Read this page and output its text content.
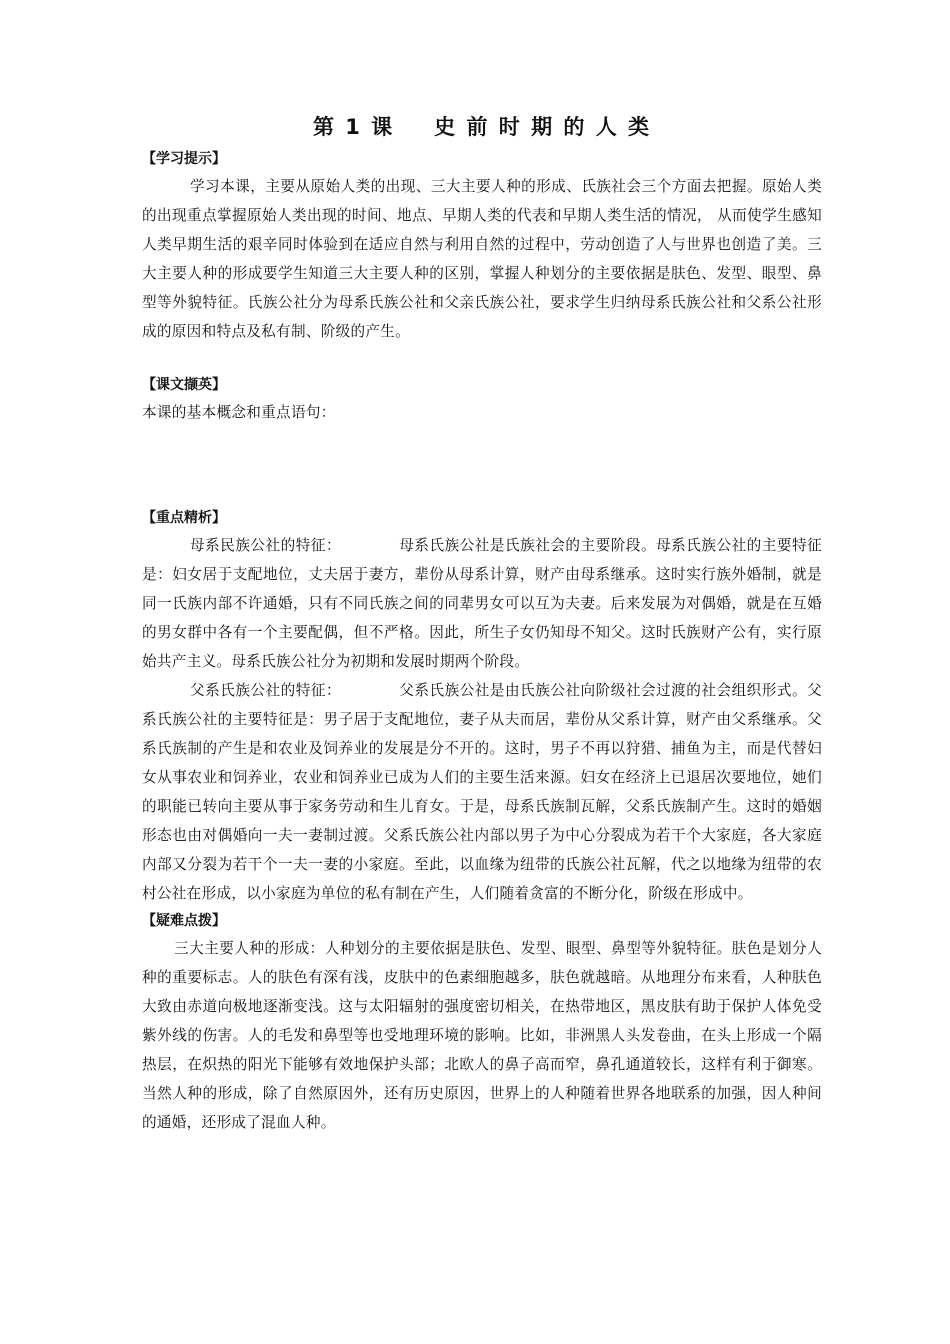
第 1 课 史 前 时 期 的 人 类
【学习提示】

学习本课，主要从原始人类的出现、三大主要人种的形成、氏族社会三个方面去把握。原始人类的出现重点掌握原始人类出现的时间、地点、早期人类的代表和早期人类生活的情况， 从而使学生感知人类早期生活的艰辛同时体验到在适应自然与利用自然的过程中，劳动创造了人与世界也创造了美。三大主要人种的形成要学生知道三大主要人种的区别，掌握人种划分的主要依据是肤色、发型、眼型、鼻型等外貌特征。氏族公社分为母系氏族公社和父亲氏族公社，要求学生归纳母系氏族公社和父系公社形成的原因和特点及私有制、阶级的产生。

【课文撷英】

本课的基本概念和重点语句：

【重点精析】

母系民族公社的特征：	母系氏族公社是氏族社会的主要阶段。母系氏族公社的主要特征是：妇女居于支配地位，丈夫居于妻方，辈份从母系计算，财产由母系继承。这时实行族外婚制，就是同一氏族内部不许通婚，只有不同氏族之间的同辈男女可以互为夫妻。后来发展为对偶婚，就是在互婚的男女群中各有一个主要配偶，但不严格。因此，所生子女仍知母不知父。这时氏族财产公有，实行原始共产主义。母系氏族公社分为初期和发展时期两个阶段。

父系氏族公社的特征：	父系氏族公社是由氏族公社向阶级社会过渡的社会组织形式。父系氏族公社的主要特征是：男子居于支配地位，妻子从夫而居，辈份从父系计算，财产由父系继承。父系氏族制的产生是和农业及饲养业的发展是分不开的。这时，男子不再以狩猎、捕鱼为主，而是代替妇女从事农业和饲养业，农业和饲养业已成为人们的主要生活来源。妇女在经济上已退居次要地位，她们的职能已转向主要从事于家务劳动和生儿育女。于是，母系氏族制瓦解，父系氏族制产生。这时的婚姻形态也由对偶婚向一夫一妻制过渡。父系氏族公社内部以男子为中心分裂成为若干个大家庭，各大家庭内部又分裂为若干个一夫一妻的小家庭。至此，以血缘为纽带的氏族公社瓦解，代之以地缘为纽带的农村公社在形成，以小家庭为单位的私有制在产生，人们随着贪富的不断分化，阶级在形成中。

【疑难点拨】

三大主要人种的形成：人种划分的主要依据是肤色、发型、眼型、鼻型等外貌特征。肤色是划分人种的重要标志。人的肤色有深有浅，皮肤中的色素细胞越多，肤色就越暗。从地理分布来看，人种肤色大致由赤道向极地逐渐变浅。这与太阳辐射的强度密切相关，在热带地区，黑皮肤有助于保护人体免受紫外线的伤害。人的毛发和鼻型等也受地理环境的影响。比如，非洲黑人头发卷曲，在头上形成一个隔热层，在炽热的阳光下能够有效地保护头部；北欧人的鼻子高而窄，鼻孔通道较长，这样有利于御寒。当然人种的形成，除了自然原因外，还有历史原因，世界上的人种随着世界各地联系的加强，因人种间的通婚，还形成了混血人种。
